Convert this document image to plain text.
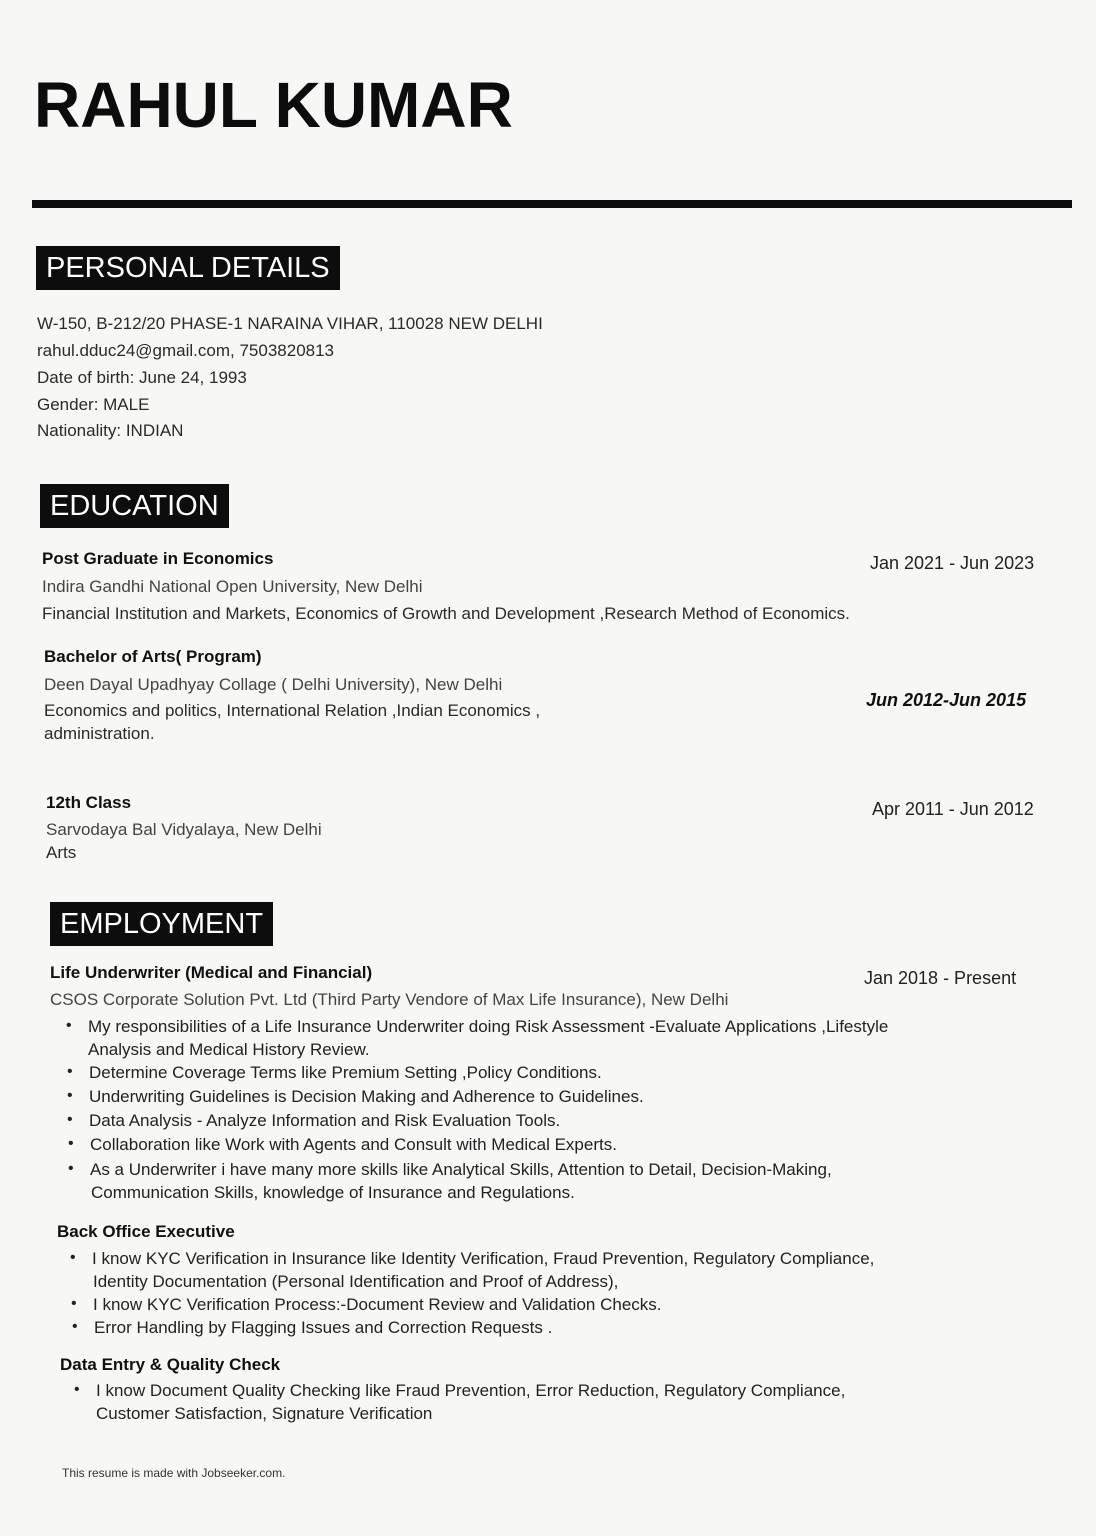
RAHUL KUMAR
PERSONAL DETAILS
W-150, B-212/20 PHASE-1 NARAINA VIHAR, 110028 NEW DELHI
rahul.dduc24@gmail.com, 7503820813
Date of birth: June 24, 1993
Gender: MALE
Nationality: INDIAN
EDUCATION
Post Graduate in Economics	Jan 2021 - Jun 2023
Indira Gandhi National Open University, New Delhi
Financial Institution and Markets, Economics of Growth and Development ,Research Method of Economics.
Bachelor of Arts( Program)
Jun 2012-Jun 2015
Deen Dayal Upadhyay Collage ( Delhi University), New Delhi
Economics and politics, International Relation ,Indian Economics ,
administration.
12th Class	Apr 2011 - Jun 2012
Sarvodaya Bal Vidyalaya, New Delhi
Arts
EMPLOYMENT
Life Underwriter (Medical and Financial)	Jan 2018 - Present
CSOS Corporate Solution Pvt. Ltd (Third Party Vendore of Max Life Insurance), New Delhi
• My responsibilities of a Life Insurance Underwriter doing Risk Assessment -Evaluate Applications ,Lifestyle
Analysis and Medical History Review.
• Determine Coverage Terms like Premium Setting ,Policy Conditions.
• Underwriting Guidelines is Decision Making and Adherence to Guidelines.
• Data Analysis - Analyze Information and Risk Evaluation Tools.
• Collaboration like Work with Agents and Consult with Medical Experts.
• As a Underwriter i have many more skills like Analytical Skills, Attention to Detail, Decision-Making,
Communication Skills, knowledge of Insurance and Regulations.
Back Office Executive
• I know KYC Verification in Insurance like Identity Verification, Fraud Prevention, Regulatory Compliance,
Identity Documentation (Personal Identification and Proof of Address),
• I know KYC Verification Process:-Document Review and Validation Checks.
• Error Handling by Flagging Issues and Correction Requests .
Data Entry & Quality Check
• I know Document Quality Checking like Fraud Prevention, Error Reduction, Regulatory Compliance,
Customer Satisfaction, Signature Verification
This resume is made with Jobseeker.com.
